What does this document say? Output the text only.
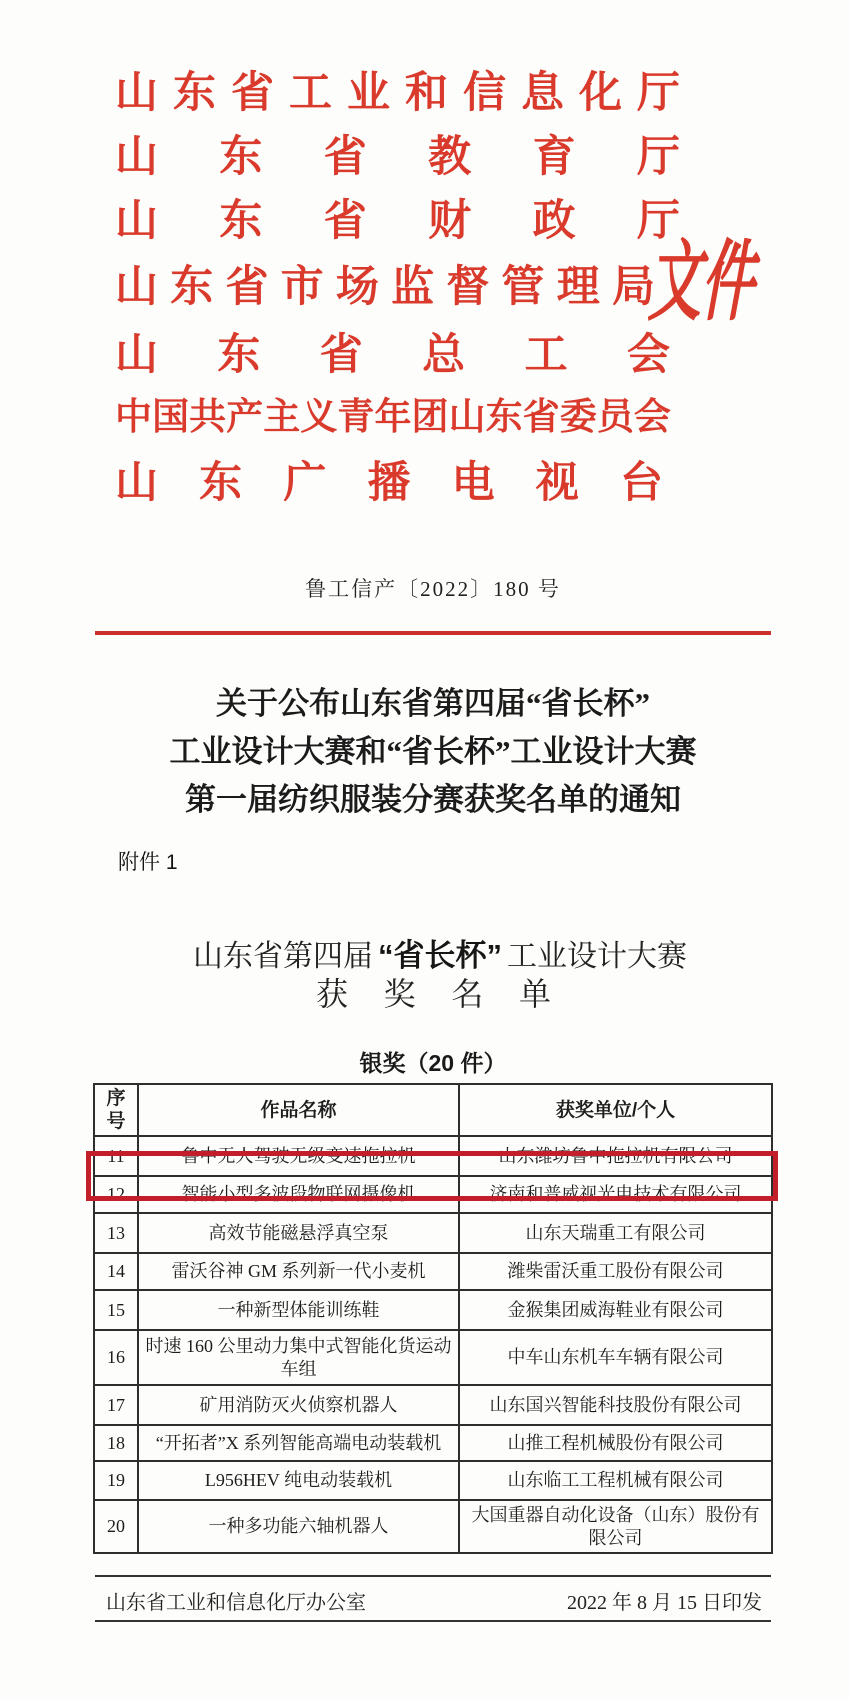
山 东 省 工 业 和 信 息 化 厅
山 东 省 教 育 厅
山 东 省 财 政 厅
山 东 省 市 场 监 督 管 理 局
山 东 省 总 工 会
中 国 共 产 主 义 青 年 团 山 东 省 委 员 会
山 东 广 播 电 视 台
文件
鲁工信产〔2022〕180 号
关于公布山东省第四届“省长杯”
工业设计大赛和“省长杯”工业设计大赛
第一届纺织服装分赛获奖名单的通知
附件 1
山东省第四届 “省长杯” 工业设计大赛
获 奖 名 单
银奖（20 件）
序号	作品名称	获奖单位/个人
11	鲁中无人驾驶无级变速拖拉机	山东潍坊鲁中拖拉机有限公司
12	智能小型多波段物联网摄像机	济南和普威视光电技术有限公司
13	高效节能磁悬浮真空泵	山东天瑞重工有限公司
14	雷沃谷神 GM 系列新一代小麦机	潍柴雷沃重工股份有限公司
15	一种新型体能训练鞋	金猴集团威海鞋业有限公司
16	时速 160 公里动力集中式智能化货运动车组	中车山东机车车辆有限公司
17	矿用消防灭火侦察机器人	山东国兴智能科技股份有限公司
18	“开拓者”X 系列智能高端电动装载机	山推工程机械股份有限公司
19	L956HEV 纯电动装载机	山东临工工程机械有限公司
20	一种多功能六轴机器人	大国重器自动化设备（山东）股份有限公司
山东省工业和信息化厅办公室	2022 年 8 月 15 日印发
